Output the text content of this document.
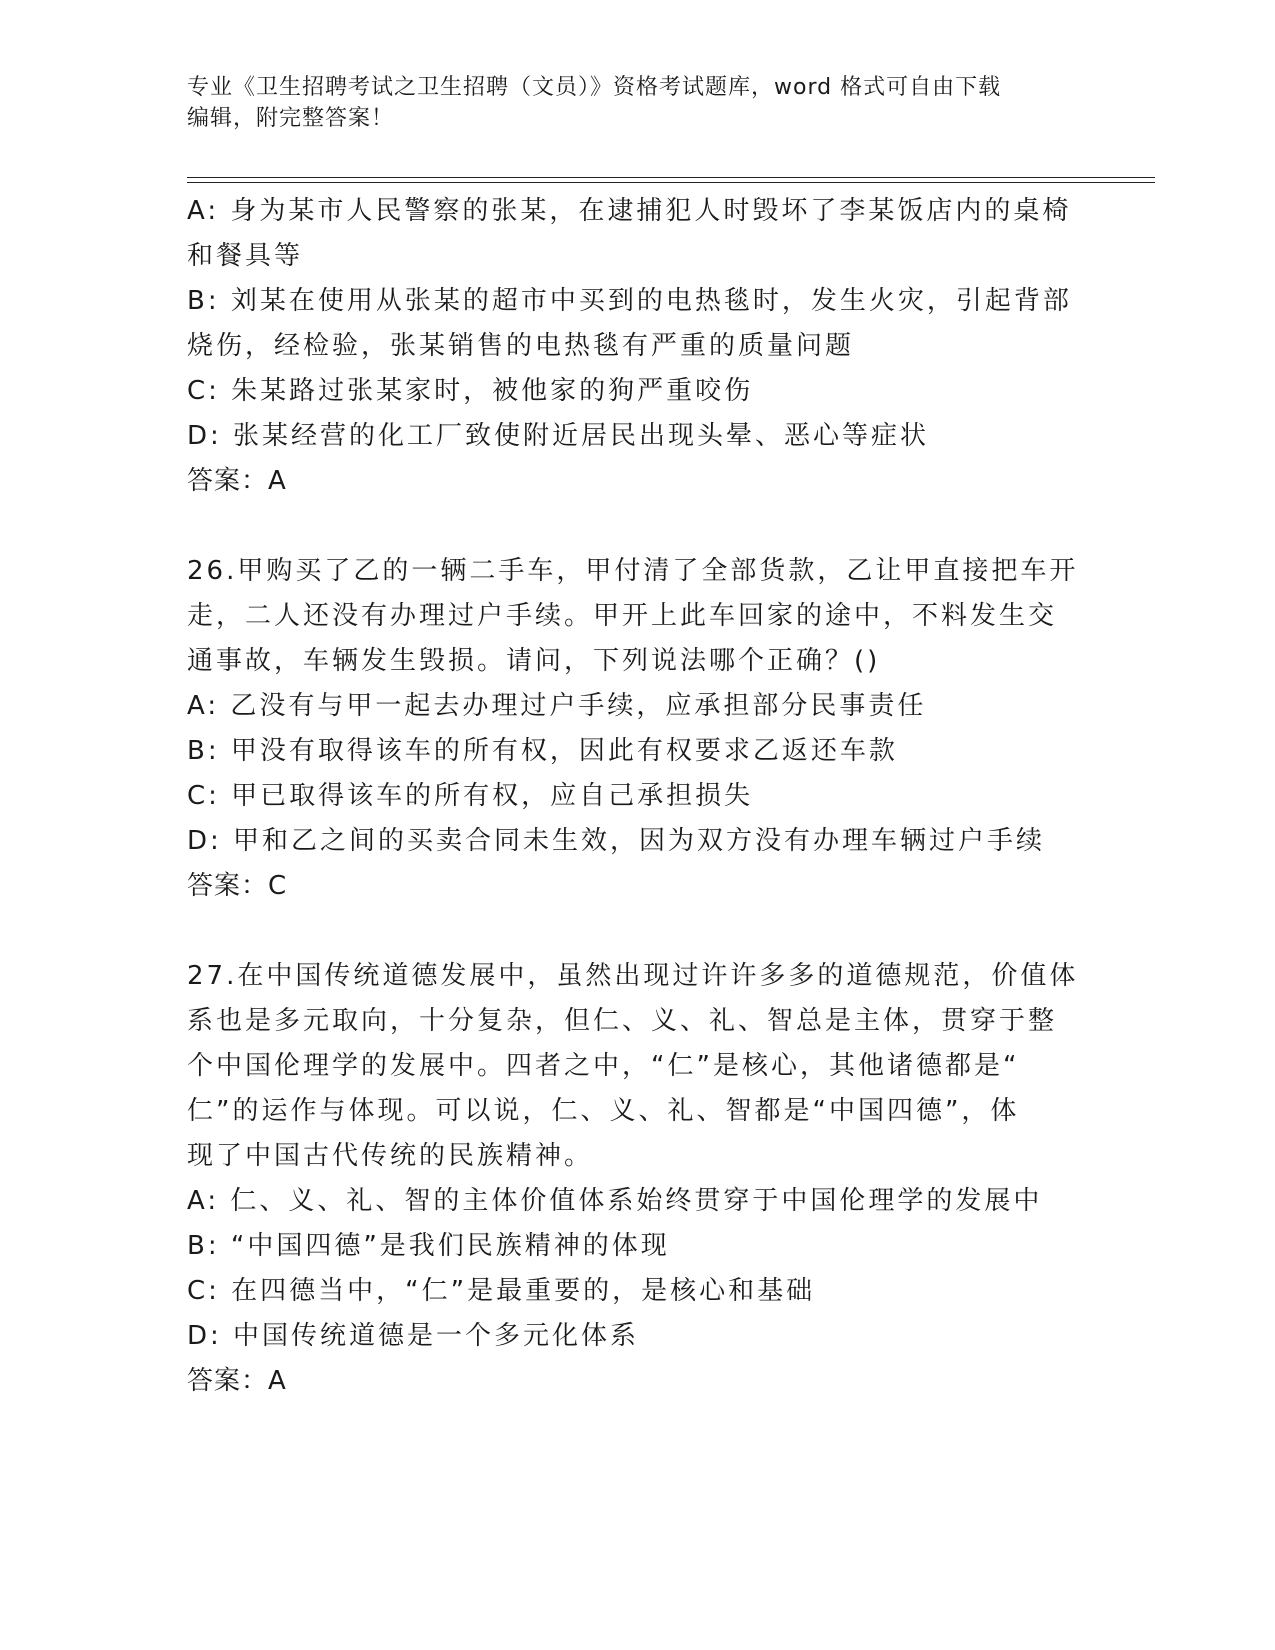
专业《卫生招聘考试之卫生招聘（文员）》资格考试题库，word 格式可自由下载
编辑，附完整答案！
A: 身为某市人民警察的张某，在逮捕犯人时毁坏了李某饭店内的桌椅
和餐具等
B: 刘某在使用从张某的超市中买到的电热毯时，发生火灾，引起背部
烧伤，经检验，张某销售的电热毯有严重的质量问题
C: 朱某路过张某家时，被他家的狗严重咬伤
D: 张某经营的化工厂致使附近居民出现头晕、恶心等症状
答案：A
26.甲购买了乙的一辆二手车，甲付清了全部货款，乙让甲直接把车开
走，二人还没有办理过户手续。甲开上此车回家的途中，不料发生交
通事故，车辆发生毁损。请问，下列说法哪个正确？()
A: 乙没有与甲一起去办理过户手续，应承担部分民事责任
B: 甲没有取得该车的所有权，因此有权要求乙返还车款
C: 甲已取得该车的所有权，应自己承担损失
D: 甲和乙之间的买卖合同未生效，因为双方没有办理车辆过户手续
答案：C
27.在中国传统道德发展中，虽然出现过许许多多的道德规范，价值体
系也是多元取向，十分复杂，但仁、义、礼、智总是主体，贯穿于整
个中国伦理学的发展中。四者之中，“仁”是核心，其他诸德都是“
仁”的运作与体现。可以说，仁、义、礼、智都是“中国四德”，体
现了中国古代传统的民族精神。
A: 仁、义、礼、智的主体价值体系始终贯穿于中国伦理学的发展中
B: “中国四德”是我们民族精神的体现
C: 在四德当中，“仁”是最重要的，是核心和基础
D: 中国传统道德是一个多元化体系
答案：A
